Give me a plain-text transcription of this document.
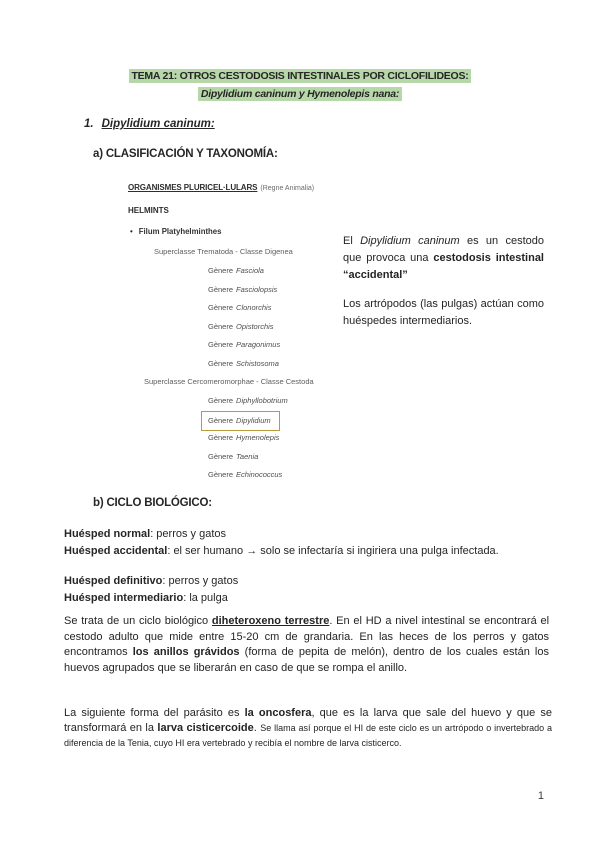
TEMA 21: OTROS CESTODOSIS INTESTINALES POR CICLOFILIDEOS:
Dipylidium caninum y Hymenolepis nana:
1. Dipylidium caninum:
a) CLASIFICACIÓN Y TAXONOMÍA:
ORGANISMES PLURICEL·LULARS (Regne Animalia)
HELMINTS
• Filum Platyhelminthes
Superclasse Trematoda - Classe Digenea
Gènere Fasciola
Gènere Fasciolopsis
Gènere Clonorchis
Gènere Opistorchis
Gènere Paragonimus
Gènere Schistosoma
Superclasse Cercomeromorphae - Classe Cestoda
Gènere Diphyllobotrium
Gènere Dipylidium
Gènere Hymenolepis
Gènere Taenia
Gènere Echinococcus

El Dipylidium caninum es un cestodo que provoca una cestodosis intestinal “accidental”

Los artrópodos (las pulgas) actúan como huéspedes intermediarios.

b) CICLO BIOLÓGICO:
Huésped normal: perros y gatos
Huésped accidental: el ser humano → solo se infectaría si ingiriera una pulga infectada.
Huésped definitivo: perros y gatos
Huésped intermediario: la pulga
Se trata de un ciclo biológico diheteroxeno terrestre. En el HD a nivel intestinal se encontrará el cestodo adulto que mide entre 15-20 cm de grandaria. En las heces de los perros y gatos encontramos los anillos grávidos (forma de pepita de melón), dentro de los cuales están los huevos agrupados que se liberarán en caso de que se rompa el anillo.
La siguiente forma del parásito es la oncosfera, que es la larva que sale del huevo y que se transformará en la larva cisticercoide. Se llama así porque el HI de este ciclo es un artrópodo o invertebrado a diferencia de la Tenia, cuyo HI era vertebrado y recibía el nombre de larva cisticerco.
1
